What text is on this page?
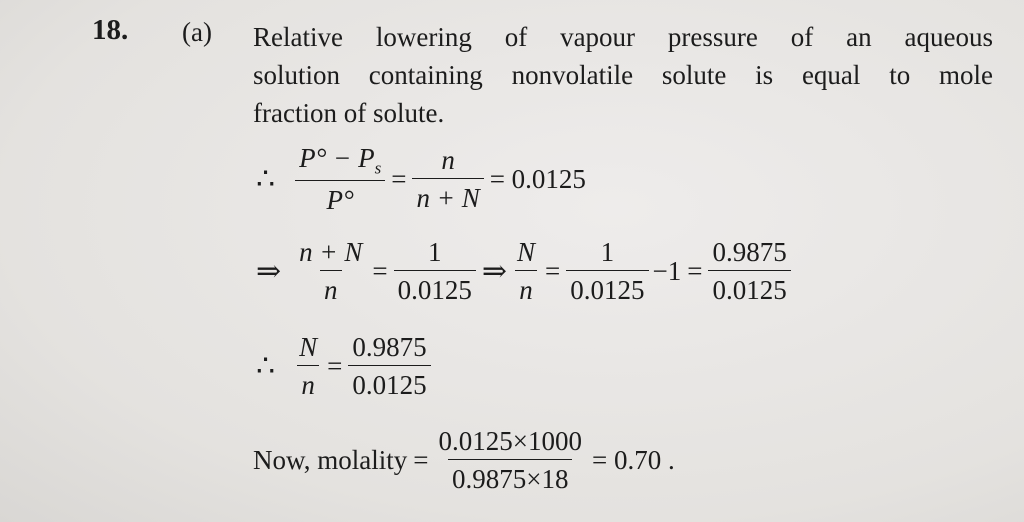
18. (a) Relative lowering of vapour pressure of an aqueous
solution containing nonvolatile solute is equal to mole
fraction of solute.
∴ $\frac{P^\circ - P_s}{P^\circ} = \frac{n}{n + N} = 0.0125$
⇒ $\frac{n + N}{n} = \frac{1}{0.0125}$ ⇒ $\frac{N}{n} = \frac{1}{0.0125} -1 = \frac{0.9875}{0.0125}$
∴ $\frac{N}{n} = \frac{0.9875}{0.0125}$
Now, molality = $\frac{0.0125\times 1000}{0.9875\times 18} = 0.70$ .
